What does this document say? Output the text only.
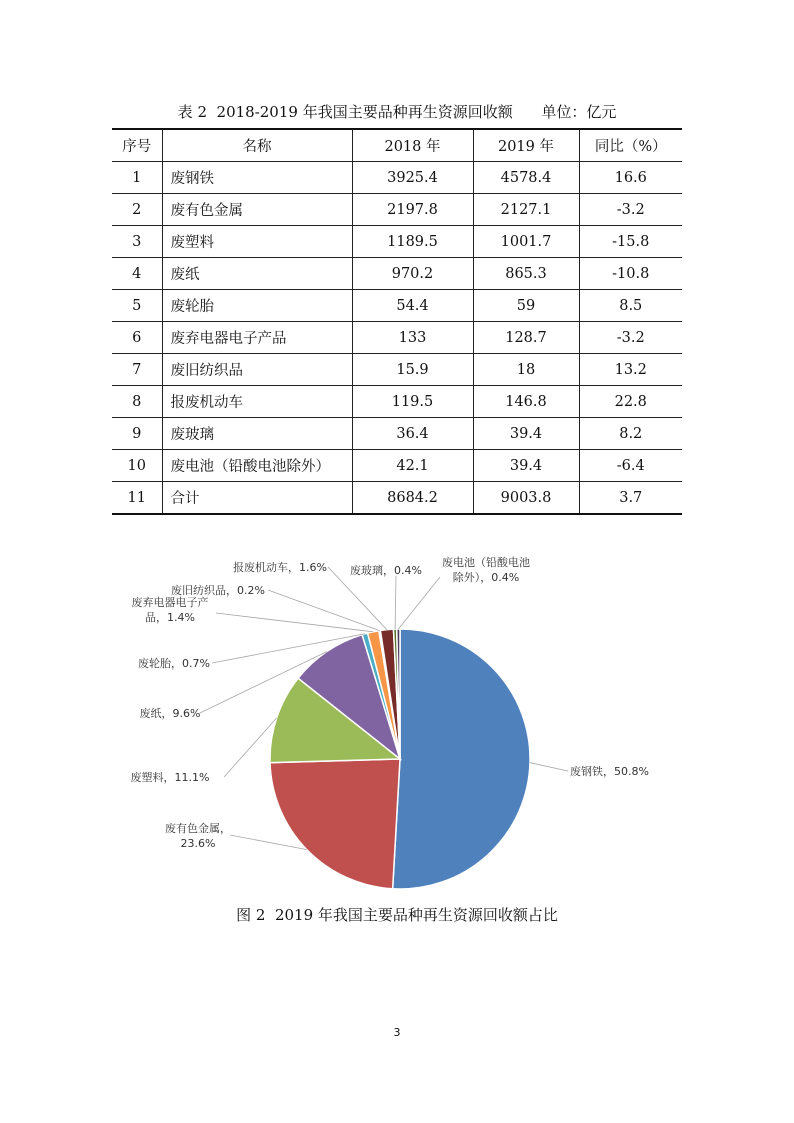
表 2  2018-2019 年我国主要品种再生资源回收额      单位：亿元
序号	名称	2018 年	2019 年	同比（%）
1	废钢铁	3925.4	4578.4	16.6
2	废有色金属	2197.8	2127.1	-3.2
3	废塑料	1189.5	1001.7	-15.8
4	废纸	970.2	865.3	-10.8
5	废轮胎	54.4	59	8.5
6	废弃电器电子产品	133	128.7	-3.2
7	废旧纺织品	15.9	18	13.2
8	报废机动车	119.5	146.8	22.8
9	废玻璃	36.4	39.4	8.2
10	废电池（铅酸电池除外）	42.1	39.4	-6.4
11	合计	8684.2	9003.8	3.7
废钢铁，50.8%
废有色金属， 23.6%
废塑料，11.1%
废纸，9.6%
废轮胎，0.7%
废弃电器电子产品，1.4%
废旧纺织品，0.2%
报废机动车，1.6% 废玻璃，0.4%
废电池（铅酸电池除外），0.4%
图 2  2019 年我国主要品种再生资源回收额占比
3
